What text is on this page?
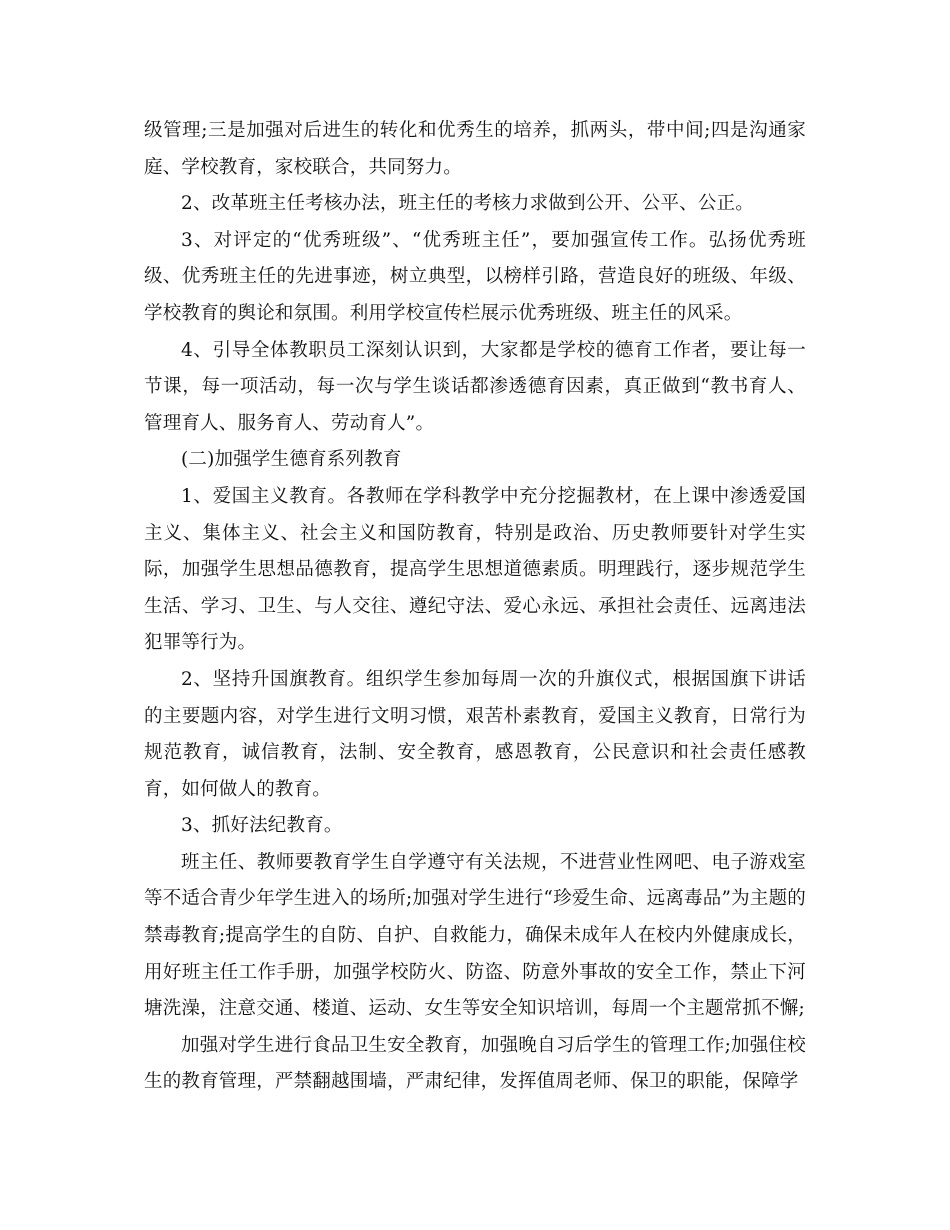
级管理;三是加强对后进生的转化和优秀生的培养，抓两头，带中间;四是沟通家庭、学校教育，家校联合，共同努力。

2、改革班主任考核办法，班主任的考核力求做到公开、公平、公正。

3、对评定的“优秀班级”、“优秀班主任”，要加强宣传工作。弘扬优秀班级、优秀班主任的先进事迹，树立典型，以榜样引路，营造良好的班级、年级、学校教育的舆论和氛围。利用学校宣传栏展示优秀班级、班主任的风采。

4、引导全体教职员工深刻认识到，大家都是学校的德育工作者，要让每一节课，每一项活动，每一次与学生谈话都渗透德育因素，真正做到“教书育人、管理育人、服务育人、劳动育人”。

(二)加强学生德育系列教育

1、爱国主义教育。各教师在学科教学中充分挖掘教材，在上课中渗透爱国主义、集体主义、社会主义和国防教育，特别是政治、历史教师要针对学生实际，加强学生思想品德教育，提高学生思想道德素质。明理践行，逐步规范学生生活、学习、卫生、与人交往、遵纪守法、爱心永远、承担社会责任、远离违法犯罪等行为。

2、坚持升国旗教育。组织学生参加每周一次的升旗仪式，根据国旗下讲话的主要题内容，对学生进行文明习惯，艰苦朴素教育，爱国主义教育，日常行为规范教育，诚信教育，法制、安全教育，感恩教育，公民意识和社会责任感教育，如何做人的教育。

3、抓好法纪教育。

班主任、教师要教育学生自学遵守有关法规，不进营业性网吧、电子游戏室等不适合青少年学生进入的场所;加强对学生进行“珍爱生命、远离毒品”为主题的禁毒教育;提高学生的自防、自护、自救能力，确保未成年人在校内外健康成长，用好班主任工作手册，加强学校防火、防盗、防意外事故的安全工作，禁止下河塘洗澡，注意交通、楼道、运动、女生等安全知识培训，每周一个主题常抓不懈;

加强对学生进行食品卫生安全教育，加强晚自习后学生的管理工作;加强住校生的教育管理，严禁翻越围墙，严肃纪律，发挥值周老师、保卫的职能，保障学
